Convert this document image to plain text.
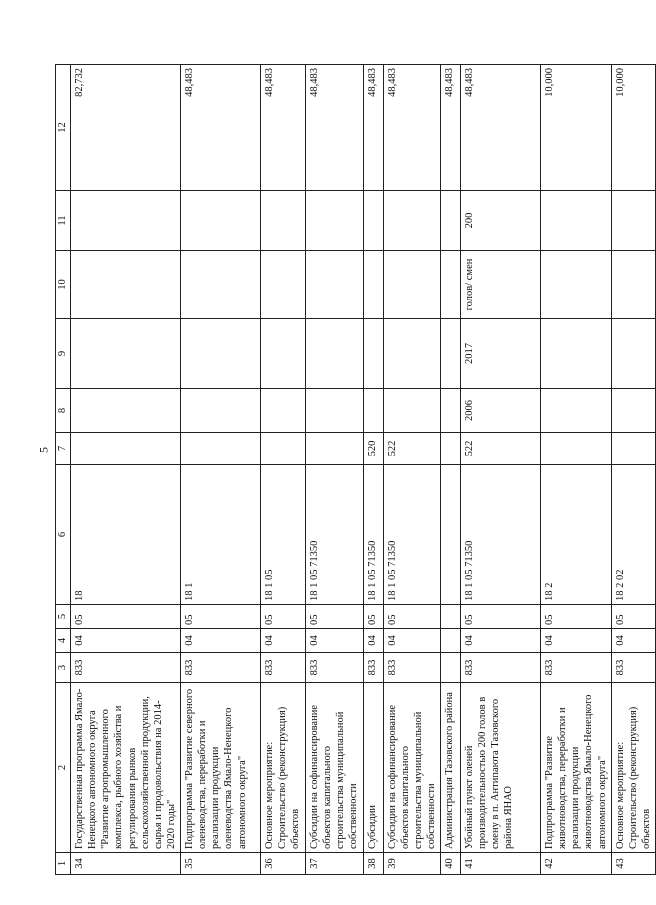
5
1	2	3	4	5	6	7	8	9	10	11	12
34	Государственная программа Ямало-Ненецкого автономного округа "Развитие агропромышленного комплекса, рыбного хозяйства и регулирования рынков сельскохозяйственной продукции, сырья и продовольствия на 2014-2020 годы"	833	04	05	18						82,732
35	Подпрограмма "Развитие северного оленеводства, переработки и реализации продукции оленеводства Ямало-Ненецкого автономного округа"	833	04	05	18 1						48,483
36	Основное мероприятие: Строительство (реконструкция) объектов	833	04	05	18 1 05						48,483
37	Субсидии на софинансирование объектов капитального строительства муниципальной собственности	833	04	05	18 1 05 71350						48,483
38	Субсидии	833	04	05	18 1 05 71350	520					48,483
39	Субсидии на софинансирование объектов капитального строительства муниципальной собственности	833	04	05	18 1 05 71350	522					48,483
40	Администрация Тазовского района										48,483
41	Убойный пункт оленей производительностью 200 голов в смену в п. Антипаюта Тазовского района ЯНАО	833	04	05	18 1 05 71350	522	2006	2017	голов/ смен	200	48,483
42	Подпрограмма "Развитие животноводства, переработки и реализации продукции животноводства Ямало-Ненецкого автономного округа"	833	04	05	18 2						10,000
43	Основное мероприятие: Строительство (реконструкция) объектов	833	04	05	18 2 02						10,000
